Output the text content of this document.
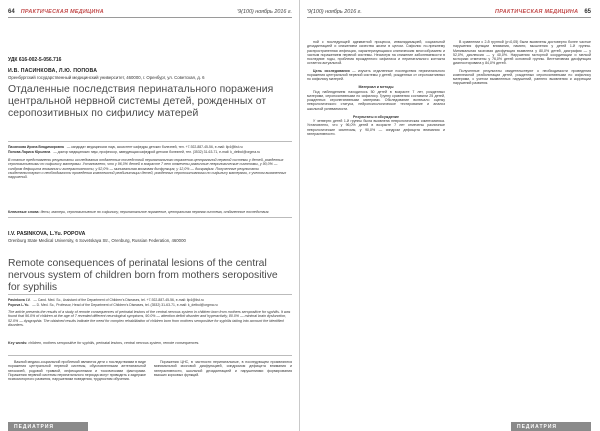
64 ПРАКТИЧЕСКАЯ МЕДИЦИНА	'9(100) ноябрь 2016 г.
УДК 616-002-5-056.716
И.В. ПАСИНКОВА, Л.Ю. ПОПОВА
Оренбургский государственный медицинский университет, 460000, г. Оренбург, ул. Советская, д. 6
Отдаленные последствия перинатального поражения центральной нервной системы детей, рожденных от серопозитивных по сифилису матерей
Пасинкова Ирина Владимировна — кандидат медицинских наук, ассистент кафедры детских болезней, тел. +7-922-887-45-56, e-mail: ilp4@list.ru
Попова Лариса Юрьевна — доктор медицинских наук, профессор, заведующая кафедрой детских болезней, тел. (3532) 31-63-71, e-mail: k_detbol@orgma.ru
В статье представлены результаты исследования отдаленных последствий перинатального поражения центральной нервной системы у детей, рожденных серопозитивными по сифилису матерями. Установлено, что у 96,0% детей в возрасте 7 лет отмечены различные неврологические симптомы, у 90,0% — синдром дефицита внимания и гиперактивности, у 52,0% — минимальная мозговая дисфункция, у 12,0% — дисграфия. Полученные результаты свидетельствуют о необходимости проведения комплексной реабилитации детей, рожденных серопозитивными по сифилису матерями, с учетом выявленных нарушений.
Ключевые слова: дети, матери, серопозитивные по сифилису, перинатальное поражение, центральная нервная система, отдаленные последствия.
I.V. PASINKOVA, L.Yu. POPOVA
Orenburg State Medical University, 6 Sovetskaya Str., Orenburg, Russian Federation, 460000
Remote consequences of perinatal lesions of the central nervous system of children born from mothers seropositive for syphilis
Pasinkova I.V. — Cand. Med. Sc., Assistant of the Department of Children's Diseases, tel. +7-922-887-45-56, e-mail: ilp4@list.ru
Popova L.Yu. — D. Med. Sc., Professor, Head of the Department of Children's Diseases, tel. (3532) 31-63-71, e-mail: k_detbol@orgma.ru
The article presents the results of a study of remote consequences of perinatal lesions of the central nervous system in children born from mothers seropositive for syphilis. It was found that 96.0% of children at the age of 7 revealed different neurological symptoms, 90.0% — attention deficit disorder and hyperactivity, 80.0% — minimal brain dysfunction, 52.0% — dysgraphia. The obtained results indicate the need for complex rehabilitation of children born from mothers seropositive for syphilis taking into account the identified disorders.
Key words: children, mothers seropositive for syphilis, perinatal lesions, central nervous system, remote consequences.

Важной медико-социальной проблемой являются дети с последствиями в виде поражения центральной нервной системы, обусловленными антенатальной гипоксией, родовой травмой, инфекционными и токсическими факторами. Поражения нервной системы перинатального периода могут приводить к задержке психомоторного развития, нарушениям поведения, трудностям обучения.

Поражения ЦНС, в частности перинатальные, в последующем проявляются минимальной мозговой дисфункцией, синдромом дефицита внимания и гиперактивности, школьной дезадаптацией и нарушениями формирования высших корковых функций.

ПЕДИАТРИЯ
'9(100) ноябрь 2016 г.	ПРАКТИЧЕСКАЯ МЕДИЦИНА 65

ной с последующей адекватной процесса, инвалидизацией, социальной дезадаптацией и снижением качества жизни в целом. Сифилис по-прежнему распространенная инфекция, характеризующаяся клиническим многообразием и частым поражением нервной системы. Несмотря на снижение заболеваемости в последние годы, проблема врожденного сифилиса и перинатального контакта остается актуальной.

Цель исследования — изучить отдаленные последствия перинатального поражения центральной нервной системы у детей, рожденных от серопозитивных по сифилису матерей.

Материал и методы

Под наблюдением находилось 50 детей в возрасте 7 лет, рожденных матерями, серопозитивными по сифилису. Группу сравнения составили 25 детей, рожденных серонегативными матерями. Обследование включало оценку неврологического статуса, нейропсихологическое тестирование и анализ школьной успеваемости.

Результаты и обсуждение

У четверти детей 1-й группы была выявлена неврологическая симптоматика. Установлено, что у 96,0% детей в возрасте 7 лет отмечены различные неврологические симптомы, у 90,0% — синдром дефицита внимания и гиперактивности.

В сравнении с 2-й группой (p<0,05) были выявлены достоверно более частые нарушения функции внимания, памяти, мышления у детей 1-й группы. Минимальная мозговая дисфункция выявлена у 80,0% детей, дисграфия — у 52,0%, дислексия — у 40,0%. Нарушения моторной координации и мелкой моторики отмечены у 76,0% детей основной группы. Вегетативная дисфункция диагностирована у 84,0% детей.

Полученные результаты свидетельствуют о необходимости проведения комплексной реабилитации детей, рожденных серопозитивными по сифилису матерями, с учетом выявленных нарушений, раннего выявления и коррекции нарушений развития.

ПЕДИАТРИЯ
